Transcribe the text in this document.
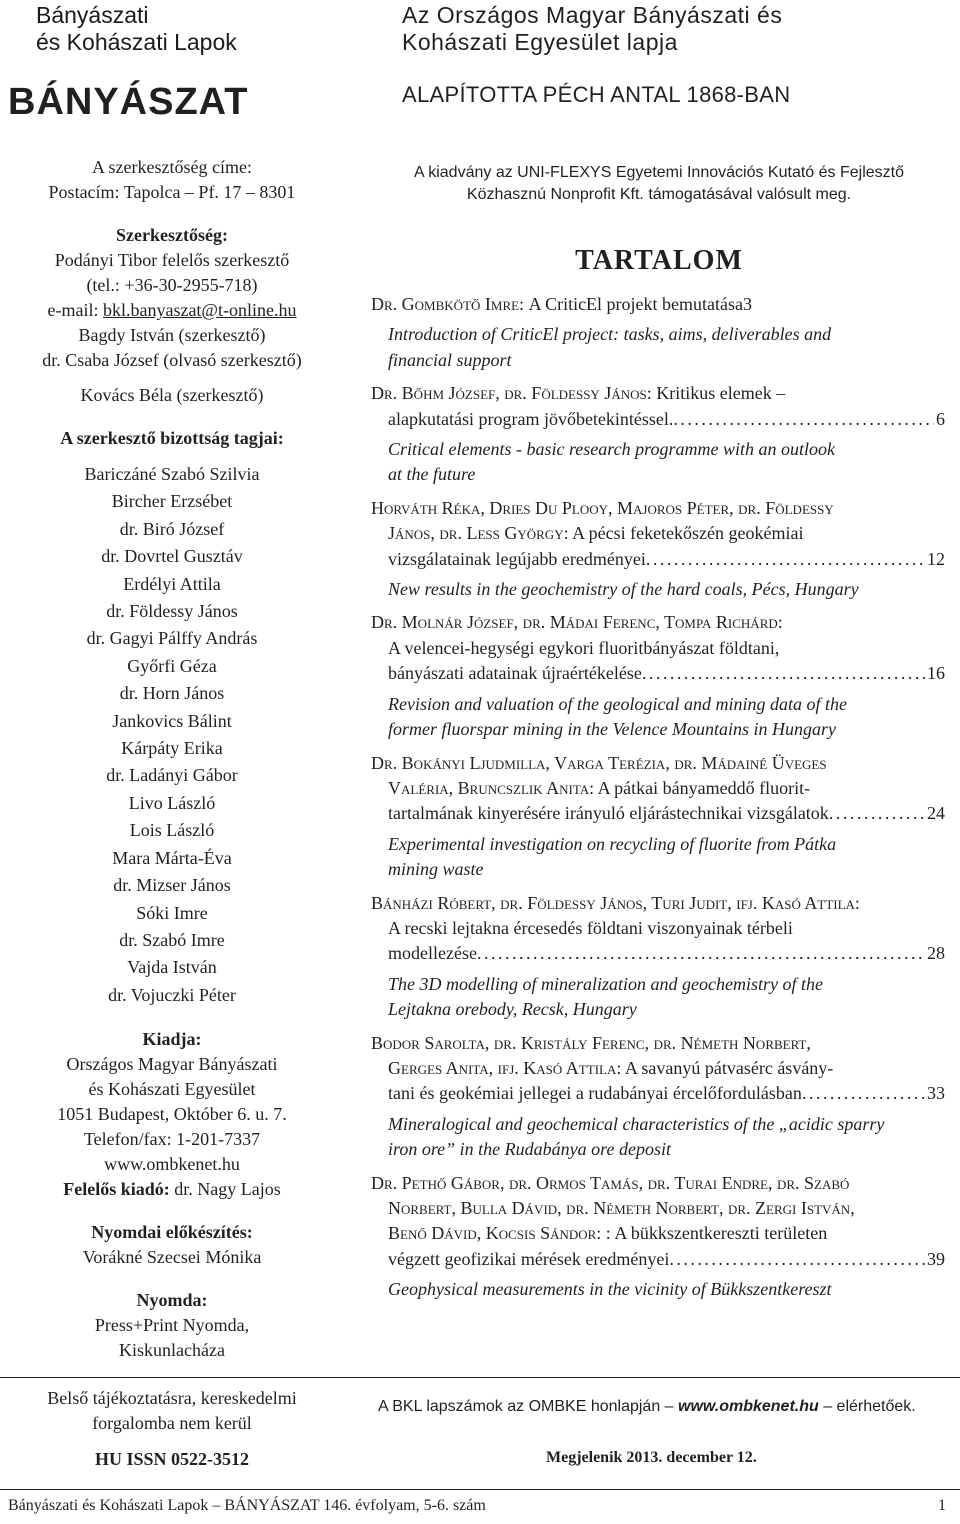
Bányászati
és Kohászati Lapok
BÁNYÁSZAT
Az Országos Magyar Bányászati és
Kohászati Egyesület lapja
ALAPÍTOTTA PÉCH ANTAL 1868-BAN
A szerkesztőség címe:
Postacím: Tapolca – Pf. 17 – 8301
Szerkesztőség:
Podányi Tibor felelős szerkesztő
(tel.: +36-30-2955-718)
e-mail: bkl.banyaszat@t-online.hu
Bagdy István (szerkesztő)
dr. Csaba József (olvasó szerkesztő)
Kovács Béla (szerkesztő)
A szerkesztő bizottság tagjai:
Bariczáné Szabó Szilvia
Bircher Erzsébet
dr. Biró József
dr. Dovrtel Gusztáv
Erdélyi Attila
dr. Földessy János
dr. Gagyi Pálffy András
Győrfi Géza
dr. Horn János
Jankovics Bálint
Kárpáty Erika
dr. Ladányi Gábor
Livo László
Lois László
Mara Márta-Éva
dr. Mizser János
Sóki Imre
dr. Szabó Imre
Vajda István
dr. Vojuczki Péter
Kiadja:
Országos Magyar Bányászati
és Kohászati Egyesület
1051 Budapest, Október 6. u. 7.
Telefon/fax: 1-201-7337
www.ombkenet.hu
Felelős kiadó: dr. Nagy Lajos
Nyomdai előkészítés:
Vorákné Szecsei Mónika
Nyomda:
Press+Print Nyomda,
Kiskunlacháza
Belső tájékoztatásra, kereskedelmi
forgalomba nem kerül
HU ISSN 0522-3512
A kiadvány az UNI-FLEXYS Egyetemi Innovációs Kutató és Fejlesztő
Közhasznú Nonprofit Kft. támogatásával valósult meg.
TARTALOM
Dr. Gombkötő Imre:
A CriticEl projekt bemutatása 3
Introduction of CriticEl project: tasks, aims, deliverables and
financial support
Dr. Bőhm József, dr. Földessy János: Kritikus elemek –
alapkutatási program jövőbetekintéssel. . . .	6
Critical elements - basic research programme with an outlook
at the future
Horváth Réka, Dries Du Plooy, Majoros Péter, dr. Földessy
János, dr. Less György: A pécsi feketekőszén geokémiai
vizsgálatainak legújabb eredményei . . .	12
New results in the geochemistry of the hard coals, Pécs, Hungary
Dr. Molnár József, dr. Mádai Ferenc, Tompa Richárd:
A velencei-hegységi egykori fluoritbányászat földtani,
bányászati adatainak újraértékelése . . .	16
Revision and valuation of the geological and mining data of the
former fluorspar mining in the Velence Mountains in Hungary
Dr. Bokányi Ljudmilla, Varga Terézia, dr. Mádainé Üveges
Valéria, Bruncszlik Anita: A pátkai bányameddő fluorit-
tartalmának kinyerésére irányuló eljárástechnikai vizsgálatok . . .	24
Experimental investigation on recycling of fluorite from Pátka
mining waste
Bánházi Róbert, dr. Földessy János, Turi Judit, ifj. Kasó Attila:
A recski lejtakna ércesedés földtani viszonyainak térbeli
modellezése . . .	28
The 3D modelling of mineralization and geochemistry of the
Lejtakna orebody, Recsk, Hungary
Bodor Sarolta, dr. Kristály Ferenc, dr. Németh Norbert,
Gerges Anita, ifj. Kasó Attila: A savanyú pátvasérc ásvány-
tani és geokémiai jellegei a rudabányai ércelőfordulásban . . .	33
Mineralogical and geochemical characteristics of the „acidic sparry
iron ore” in the Rudabánya ore deposit
Dr. Pethő Gábor, dr. Ormos Tamás, dr. Turai Endre, dr. Szabó
Norbert, Bulla Dávid, dr. Németh Norbert, dr. Zergi István,
Benő Dávid, Kocsis Sándor: : A bükkszentkereszti területen
végzett geofizikai mérések eredményei . . .	39
Geophysical measurements in the vicinity of Bükkszentkereszt
A BKL lapszámok az OMBKE honlapján – www.ombkenet.hu – elérhetőek.
Megjelenik 2013. december 12.
Bányászati és Kohászati Lapok – BÁNYÁSZAT 146. évfolyam, 5-6. szám	1
